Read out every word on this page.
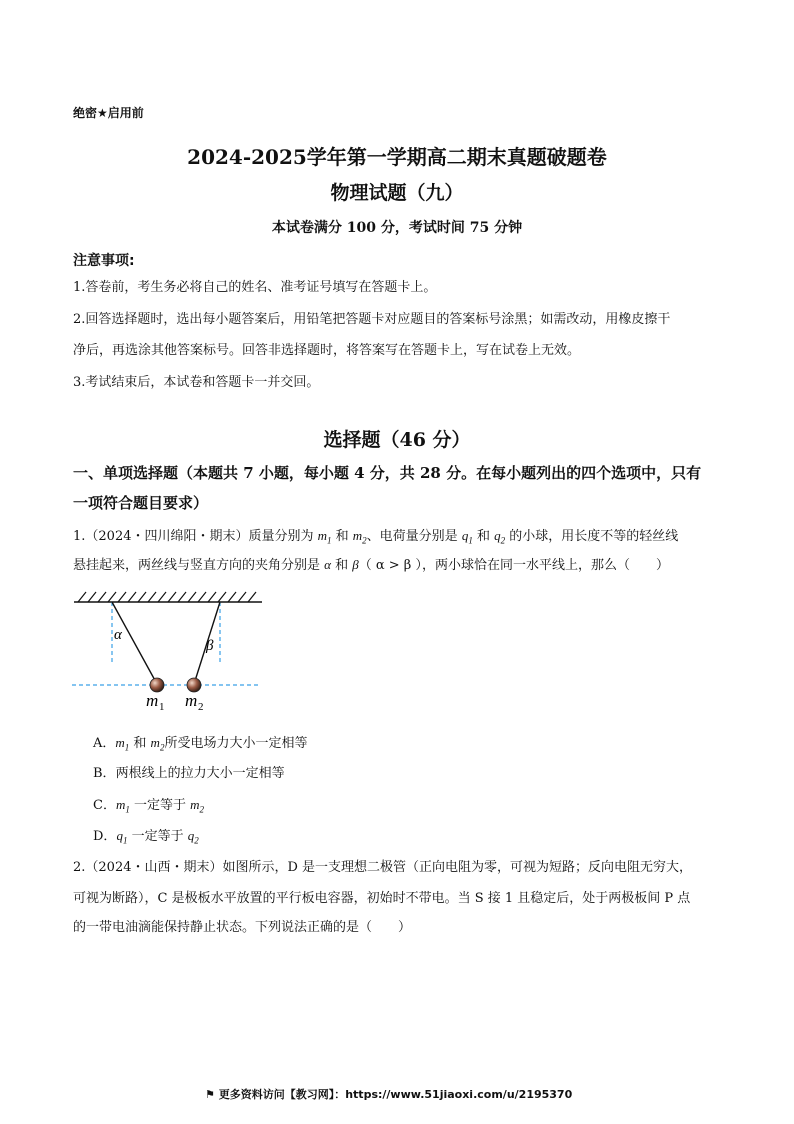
绝密★启用前
2024-2025学年第一学期高二期末真题破题卷
物理试题（九）
本试卷满分 100 分，考试时间 75 分钟
注意事项:
1.答卷前，考生务必将自己的姓名、准考证号填写在答题卡上。
2.回答选择题时，选出每小题答案后，用铅笔把答题卡对应题目的答案标号涂黑；如需改动，用橡皮擦干
净后，再选涂其他答案标号。回答非选择题时，将答案写在答题卡上，写在试卷上无效。
3.考试结束后，本试卷和答题卡一并交回。
选择题（46 分）
一、单项选择题（本题共 7 小题，每小题 4 分，共 28 分。在每小题列出的四个选项中，只有
一项符合题目要求）
1.（2024・四川绵阳・期末）质量分别为 $m_1$ 和 $m_2$、电荷量分别是 $q_1$ 和 $q_2$ 的小球，用长度不等的轻丝线
悬挂起来，两丝线与竖直方向的夹角分别是 α 和 β（ α > β ），两小球恰在同一水平线上，那么（　　）
α
β
m 1 m 2
A．$m_1$ 和 $m_2$所受电场力大小一定相等
B．两根线上的拉力大小一定相等
C．$m_1$ 一定等于 $m_2$
D．$q_1$ 一定等于 $q_2$
2.（2024・山西・期末）如图所示，D 是一支理想二极管（正向电阻为零，可视为短路；反向电阻无穷大，
可视为断路），C 是极板水平放置的平行板电容器，初始时不带电。当 S 接 1 且稳定后，处于两极板间 P 点
的一带电油滴能保持静止状态。下列说法正确的是（　　）
⚑ 更多资料访问【教习网】：https://www.51jiaoxi.com/u/2195370
